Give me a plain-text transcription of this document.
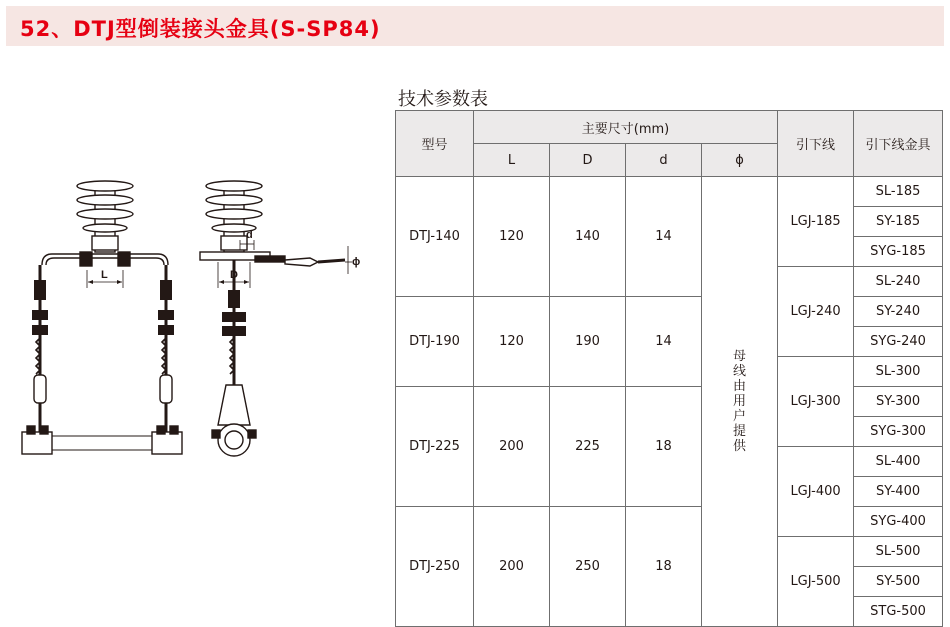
52、DTJ型倒装接头金具(S-SP84)
技术参数表
L	D
d
ϕ
型号	主要尺寸(mm)				引下线	引下线金具
	L	D	d	ϕ		
DTJ-140	120	140	14	母线由用户提供	LGJ-185	SL-185
						SY-185
						SYG-185
					LGJ-240	SL-240
DTJ-190	120	190	14			SY-240
						SYG-240
					LGJ-300	SL-300
DTJ-225	200	225	18			SY-300
						SYG-300
					LGJ-400	SL-400
						SY-400
DTJ-250	200	250	18			SYG-400
					LGJ-500	SL-500
						SY-500
						STG-500
